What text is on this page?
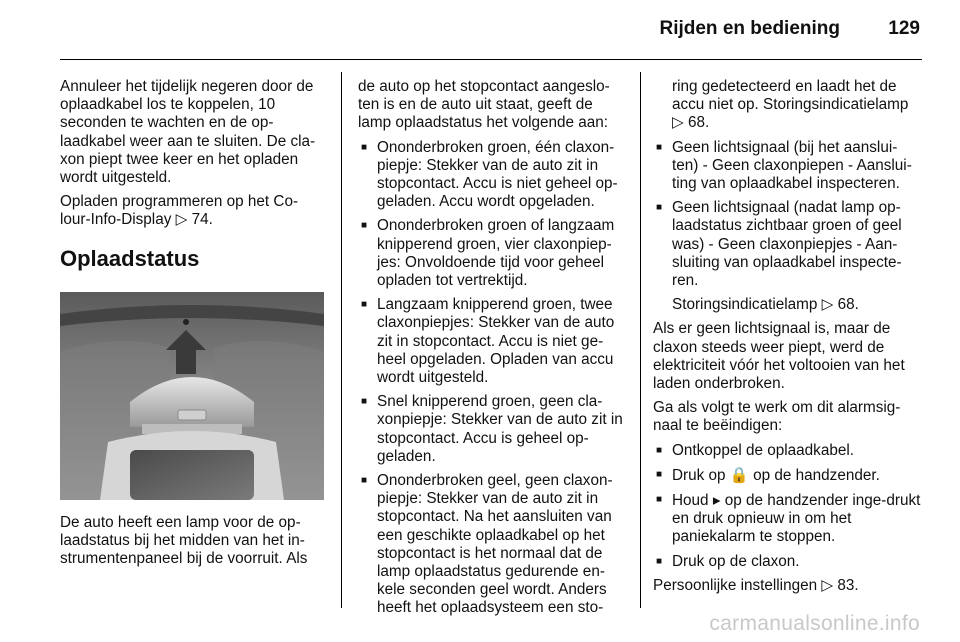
Rijden en bediening	129

Annuleer het tijdelijk negeren door de oplaadkabel los te koppelen, 10 seconden te wachten en de op-laadkabel weer aan te sluiten. De cla-xon piept twee keer en het opladen wordt uitgesteld.

Opladen programmeren op het Co-lour-Info-Display ▷ 74.

Oplaadstatus

De auto heeft een lamp voor de op-laadstatus bij het midden van het in-strumentenpaneel bij de voorruit. Als

de auto op het stopcontact aangeslo-ten is en de auto uit staat, geeft de lamp oplaadstatus het volgende aan:

■ Ononderbroken groen, één claxon-piepje: Stekker van de auto zit in stopcontact. Accu is niet geheel op-geladen. Accu wordt opgeladen.
■ Ononderbroken groen of langzaam knipperend groen, vier claxonpiep-jes: Onvoldoende tijd voor geheel opladen tot vertrektijd.
■ Langzaam knipperend groen, twee claxonpiepjes: Stekker van de auto zit in stopcontact. Accu is niet ge-heel opgeladen. Opladen van accu wordt uitgesteld.
■ Snel knipperend groen, geen cla-xonpiepje: Stekker van de auto zit in stopcontact. Accu is geheel op-geladen.
■ Ononderbroken geel, geen claxon-piepje: Stekker van de auto zit in stopcontact. Na het aansluiten van een geschikte oplaadkabel op het stopcontact is het normaal dat de lamp oplaadstatus gedurende en-kele seconden geel wordt. Anders heeft het oplaadsysteem een sto-

ring gedetecteerd en laadt het de accu niet op. Storingsindicatielamp ▷ 68.

■ Geen lichtsignaal (bij het aanslui-ten) - Geen claxonpiepen - Aanslui-ting van oplaadkabel inspecteren.
■ Geen lichtsignaal (nadat lamp op-laadstatus zichtbaar groen of geel was) - Geen claxonpiepjes - Aan-sluiting van oplaadkabel inspecte-ren.

Storingsindicatielamp ▷ 68.

Als er geen lichtsignaal is, maar de claxon steeds weer piept, werd de elektriciteit vóór het voltooien van het laden onderbroken.

Ga als volgt te werk om dit alarmsig-naal te beëindigen:

■ Ontkoppel de oplaadkabel.
■ Druk op 🔒 op de handzender.
■ Houd ▸ op de handzender inge-drukt en druk opnieuw in om het paniekalarm te stoppen.
■ Druk op de claxon.

Persoonlijke instellingen ▷ 83.

carmanualsonline.info
